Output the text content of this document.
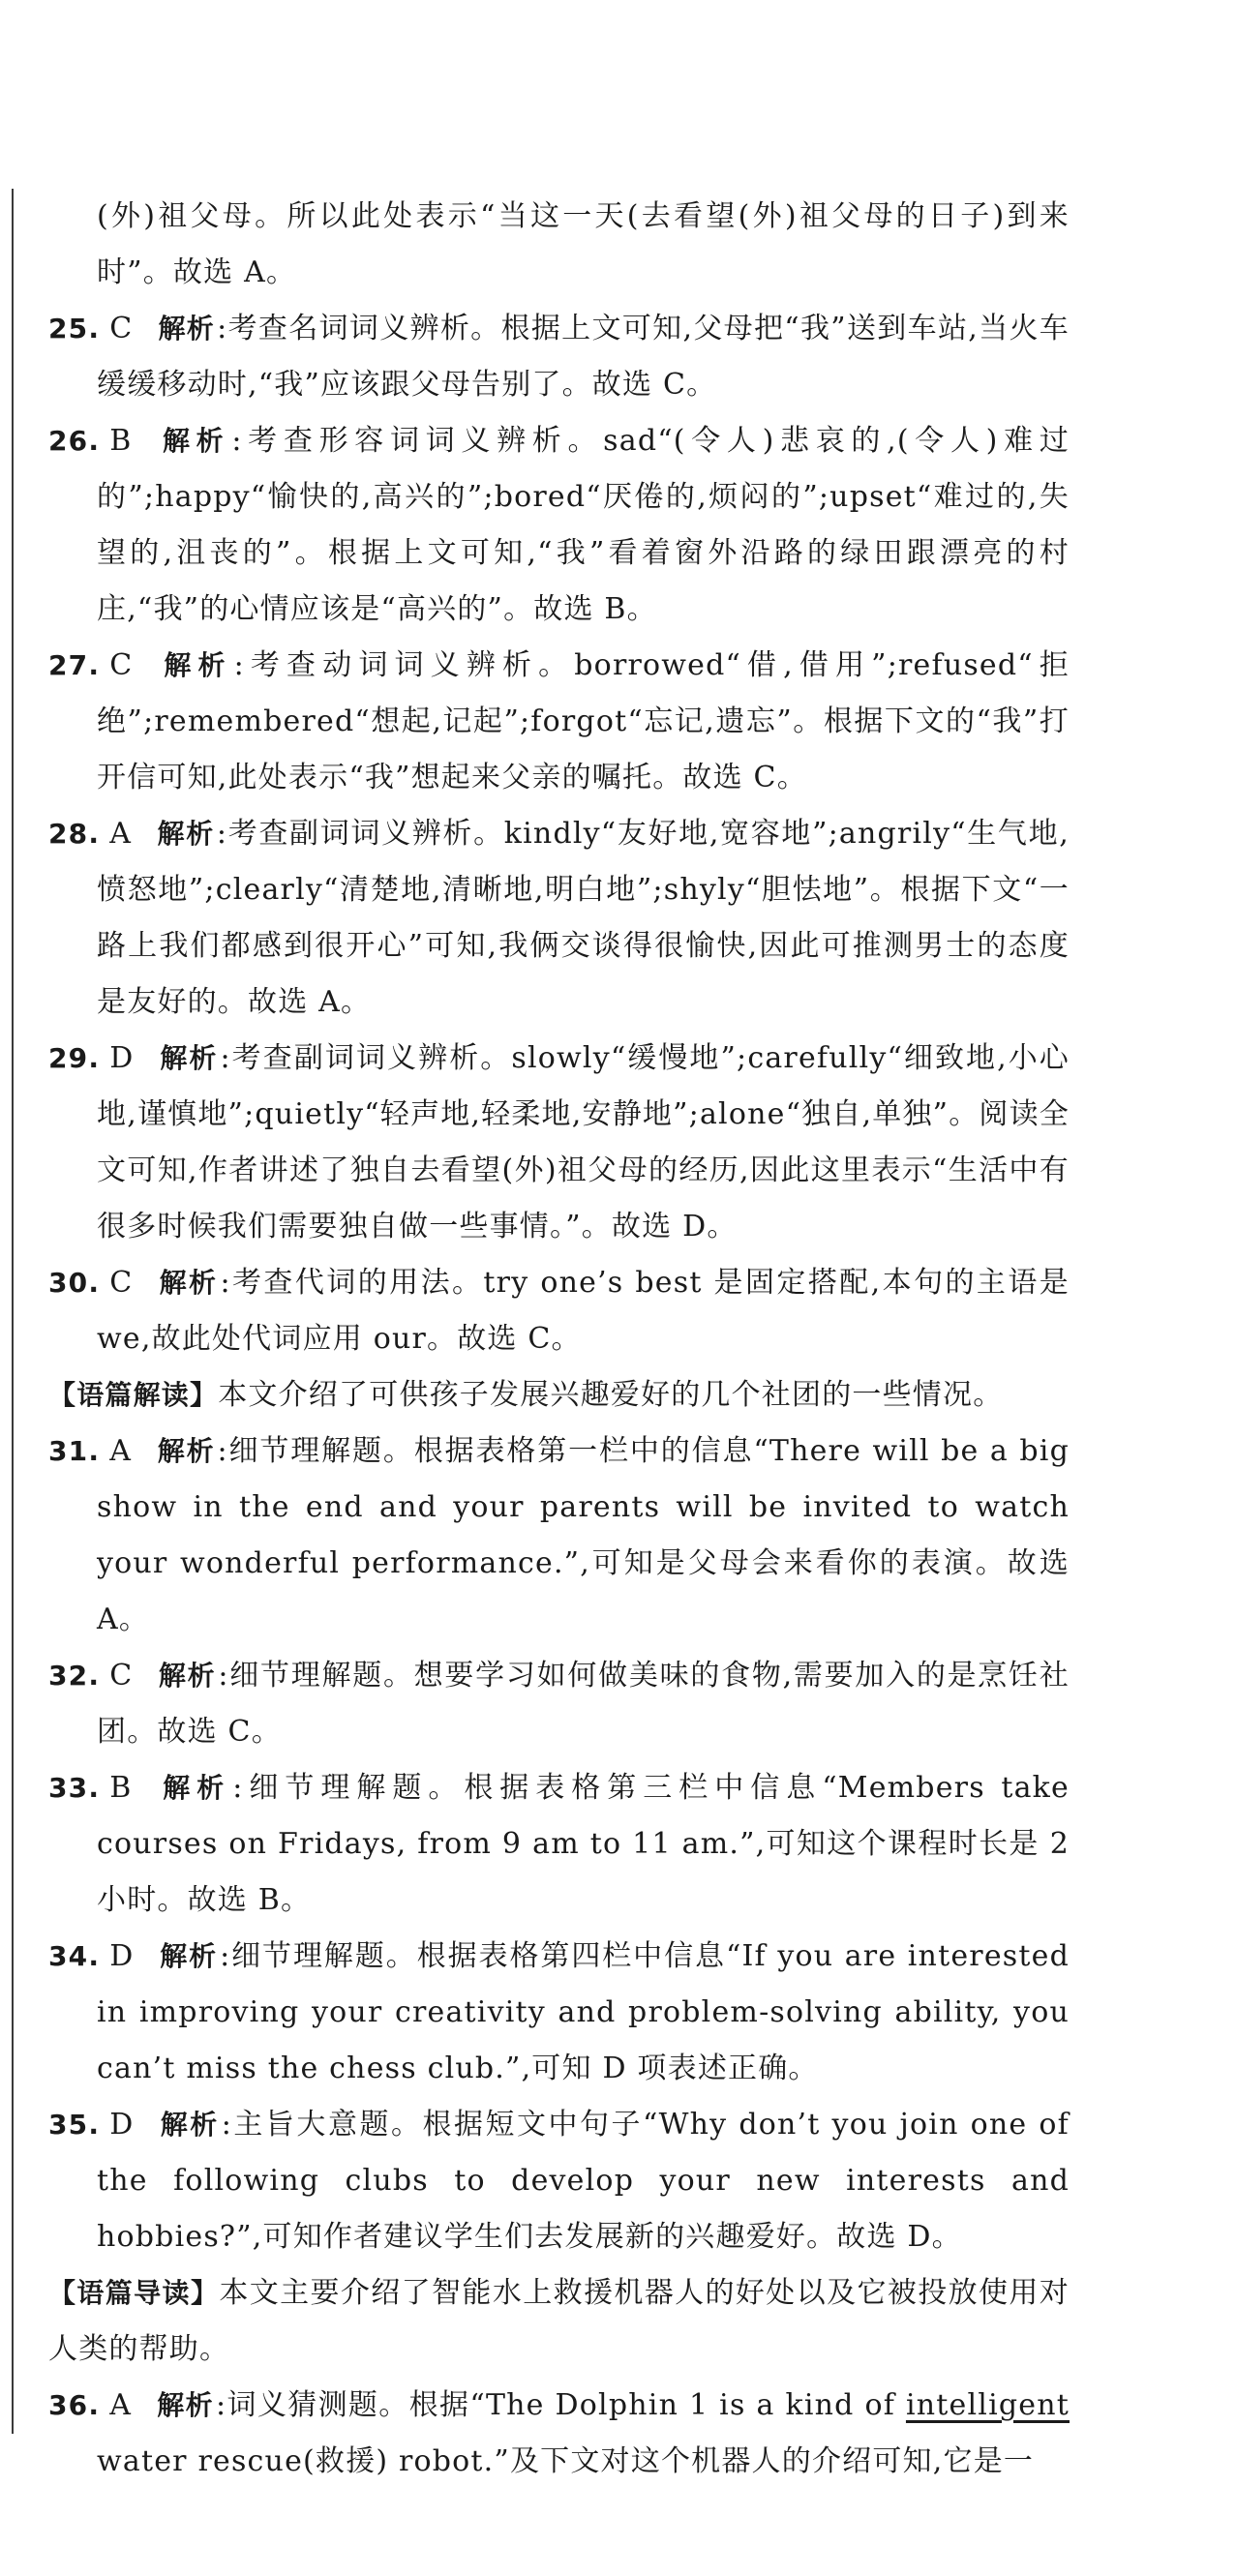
(外)祖父母。所以此处表示“当这一天(去看望(外)祖父母的日子)到来时”。故选 A。

25. C 解析:考查名词词义辨析。根据上文可知,父母把“我”送到车站,当火车缓缓移动时,“我”应该跟父母告别了。故选 C。

26. B 解析:考查形容词词义辨析。sad“(令人)悲哀的,(令人)难过的”;happy“愉快的,高兴的”;bored“厌倦的,烦闷的”;upset“难过的,失望的,沮丧的”。根据上文可知,“我”看着窗外沿路的绿田跟漂亮的村庄,“我”的心情应该是“高兴的”。故选 B。

27. C 解析:考查动词词义辨析。borrowed“借,借用”;refused“拒绝”;remembered“想起,记起”;forgot“忘记,遗忘”。根据下文的“我”打开信可知,此处表示“我”想起来父亲的嘱托。故选 C。

28. A 解析:考查副词词义辨析。kindly“友好地,宽容地”;angrily“生气地,愤怒地”;clearly“清楚地,清晰地,明白地”;shyly“胆怯地”。根据下文“一路上我们都感到很开心”可知,我俩交谈得很愉快,因此可推测男士的态度是友好的。故选 A。

29. D 解析:考查副词词义辨析。slowly“缓慢地”;carefully“细致地,小心地,谨慎地”;quietly“轻声地,轻柔地,安静地”;alone“独自,单独”。阅读全文可知,作者讲述了独自去看望(外)祖父母的经历,因此这里表示“生活中有很多时候我们需要独自做一些事情。”。故选 D。

30. C 解析:考查代词的用法。try one’s best 是固定搭配,本句的主语是 we,故此处代词应用 our。故选 C。

【语篇解读】本文介绍了可供孩子发展兴趣爱好的几个社团的一些情况。

31. A 解析:细节理解题。根据表格第一栏中的信息“There will be a big show in the end and your parents will be invited to watch your wonderful performance.”,可知是父母会来看你的表演。故选 A。

32. C 解析:细节理解题。想要学习如何做美味的食物,需要加入的是烹饪社团。故选 C。

33. B 解析:细节理解题。根据表格第三栏中信息“Members take courses on Fridays, from 9 am to 11 am.”,可知这个课程时长是 2 小时。故选 B。

34. D 解析:细节理解题。根据表格第四栏中信息“If you are interested in improving your creativity and problem-solving ability, you can’t miss the chess club.”,可知 D 项表述正确。

35. D 解析:主旨大意题。根据短文中句子“Why don’t you join one of the following clubs to develop your new interests and hobbies?”,可知作者建议学生们去发展新的兴趣爱好。故选 D。

【语篇导读】本文主要介绍了智能水上救援机器人的好处以及它被投放使用对人类的帮助。

36. A 解析:词义猜测题。根据“The Dolphin 1 is a kind of intelligent water rescue(救援) robot.”及下文对这个机器人的介绍可知,它是一
